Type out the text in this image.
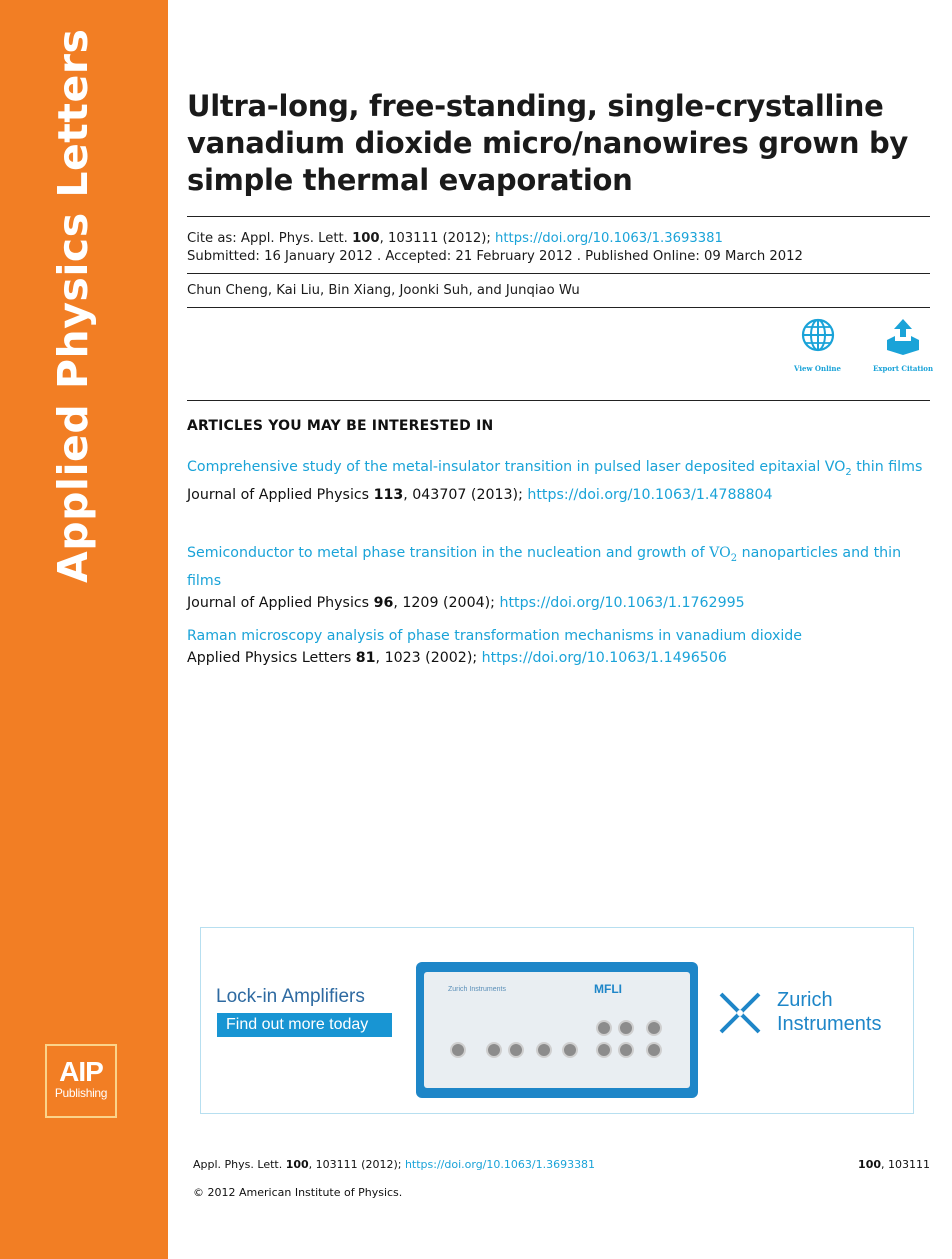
Applied Physics Letters
AIP
Publishing
Ultra-long, free-standing, single-crystalline vanadium dioxide micro/nanowires grown by simple thermal evaporation
Cite as: Appl. Phys. Lett. 100, 103111 (2012); https://doi.org/10.1063/1.3693381
Submitted: 16 January 2012 . Accepted: 21 February 2012 . Published Online: 09 March 2012
Chun Cheng, Kai Liu, Bin Xiang, Joonki Suh, and Junqiao Wu
View Online	Export Citation
ARTICLES YOU MAY BE INTERESTED IN
Comprehensive study of the metal-insulator transition in pulsed laser deposited epitaxial $VO_2$ thin films
Journal of Applied Physics 113, 043707 (2013); https://doi.org/10.1063/1.4788804
Semiconductor to metal phase transition in the nucleation and growth of $VO_2$ nanoparticles and thin films
Journal of Applied Physics 96, 1209 (2004); https://doi.org/10.1063/1.1762995
Raman microscopy analysis of phase transformation mechanisms in vanadium dioxide
Applied Physics Letters 81, 1023 (2002); https://doi.org/10.1063/1.1496506
Lock-in Amplifiers
Find out more today
Zurich Instruments	MFLI	Zurich
Instruments
Appl. Phys. Lett. 100, 103111 (2012); https://doi.org/10.1063/1.3693381	100, 103111
© 2012 American Institute of Physics.
